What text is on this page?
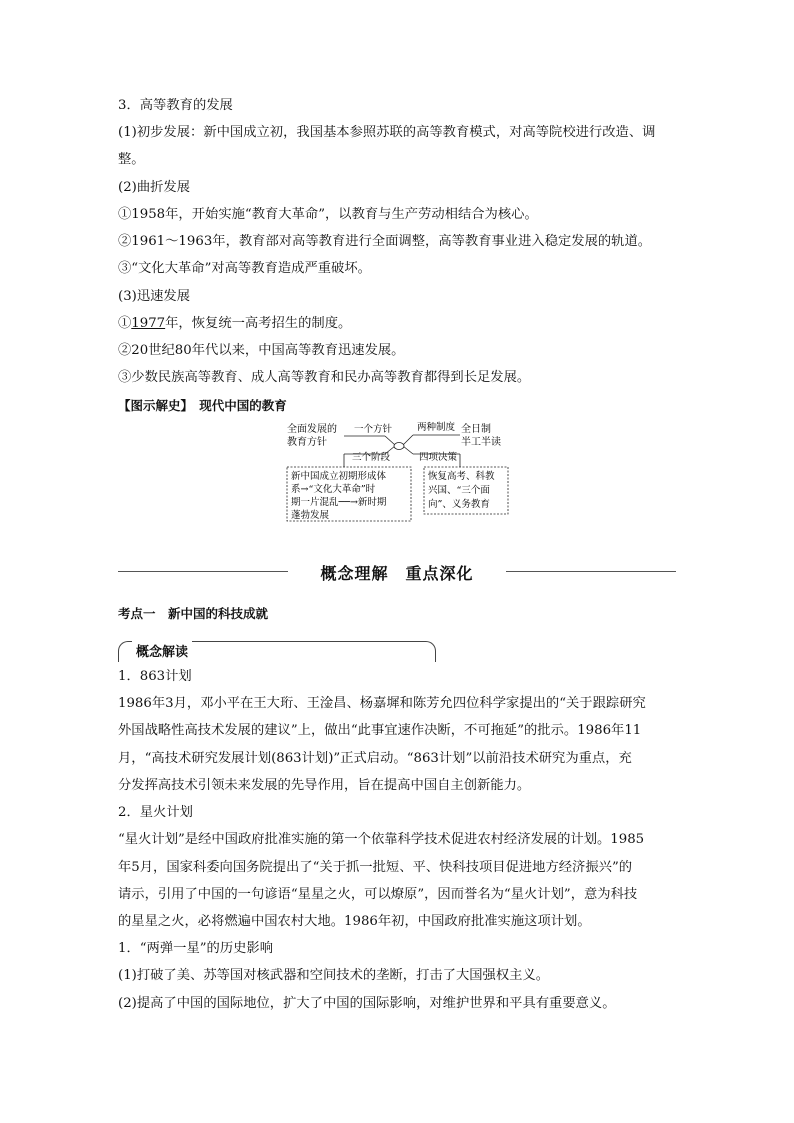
3．高等教育的发展
(1)初步发展：新中国成立初，我国基本参照苏联的高等教育模式，对高等院校进行改造、调
整。
(2)曲折发展
①1958年，开始实施“教育大革命”，以教育与生产劳动相结合为核心。
②1961～1963年，教育部对高等教育进行全面调整，高等教育事业进入稳定发展的轨道。
③“文化大革命”对高等教育造成严重破坏。
(3)迅速发展
①1977年，恢复统一高考招生的制度。
②20世纪80年代以来，中国高等教育迅速发展。
③少数民族高等教育、成人高等教育和民办高等教育都得到长足发展。
【图示解史】　现代中国的教育
全面发展的
教育方针
全日制
半工半读
一个方针	两种制度
三个阶段	四项决策
新中国成立初期形成体
系→“文化大革命”时
期一片混乱──→新时期
蓬勃发展
恢复高考、科教
兴国、“三个面
向”、义务教育
概念理解　重点深化
考点一　新中国的科技成就
概念解读
1．863计划
1986年3月，邓小平在王大珩、王淦昌、杨嘉墀和陈芳允四位科学家提出的“关于跟踪研究
外国战略性高技术发展的建议”上，做出“此事宜速作决断，不可拖延”的批示。1986年11
月，“高技术研究发展计划(863计划)”正式启动。“863计划”以前沿技术研究为重点，充
分发挥高技术引领未来发展的先导作用，旨在提高中国自主创新能力。
2．星火计划
“星火计划”是经中国政府批准实施的第一个依靠科学技术促进农村经济发展的计划。1985
年5月，国家科委向国务院提出了“关于抓一批短、平、快科技项目促进地方经济振兴”的
请示，引用了中国的一句谚语“星星之火，可以燎原”，因而誉名为“星火计划”，意为科技
的星星之火，必将燃遍中国农村大地。1986年初，中国政府批准实施这项计划。
1．“两弹一星”的历史影响
(1)打破了美、苏等国对核武器和空间技术的垄断，打击了大国强权主义。
(2)提高了中国的国际地位，扩大了中国的国际影响，对维护世界和平具有重要意义。
